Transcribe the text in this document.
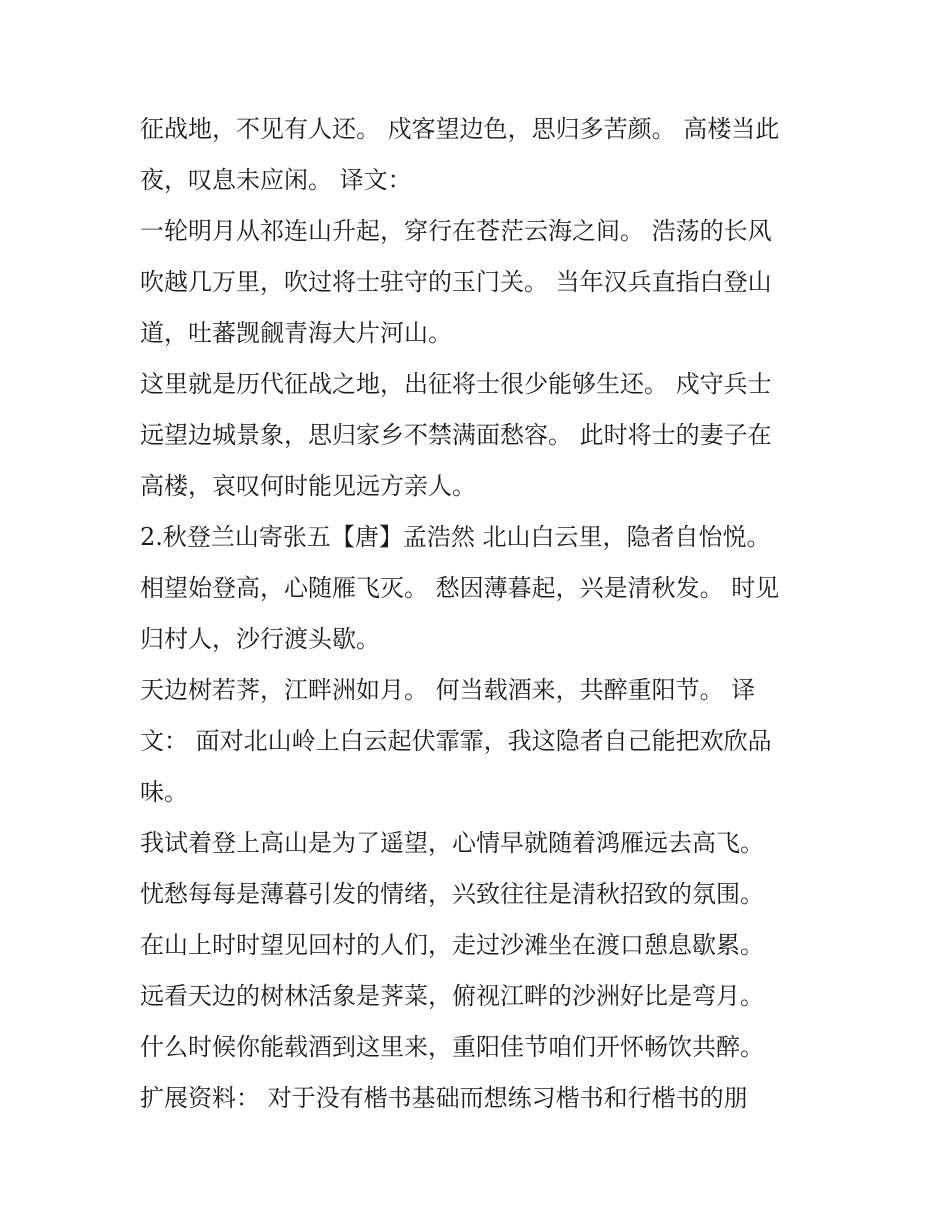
征战地，不见有人还。 戍客望边色，思归多苦颜。 高楼当此
夜，叹息未应闲。 译文：
一轮明月从祁连山升起，穿行在苍茫云海之间。 浩荡的长风
吹越几万里，吹过将士驻守的玉门关。 当年汉兵直指白登山
道，吐蕃觊觎青海大片河山。
这里就是历代征战之地，出征将士很少能够生还。 戍守兵士
远望边城景象，思归家乡不禁满面愁容。 此时将士的妻子在
高楼，哀叹何时能见远方亲人。
2.秋登兰山寄张五【唐】孟浩然 北山白云里，隐者自怡悦。
相望始登高，心随雁飞灭。 愁因薄暮起，兴是清秋发。 时见
归村人，沙行渡头歇。
天边树若荠，江畔洲如月。 何当载酒来，共醉重阳节。 译
文： 面对北山岭上白云起伏霏霏，我这隐者自己能把欢欣品
味。
我试着登上高山是为了遥望，心情早就随着鸿雁远去高飞。
忧愁每每是薄暮引发的情绪，兴致往往是清秋招致的氛围。
在山上时时望见回村的人们，走过沙滩坐在渡口憩息歇累。
远看天边的树林活象是荠菜，俯视江畔的沙洲好比是弯月。
什么时候你能载酒到这里来，重阳佳节咱们开怀畅饮共醉。
扩展资料： 对于没有楷书基础而想练习楷书和行楷书的朋
